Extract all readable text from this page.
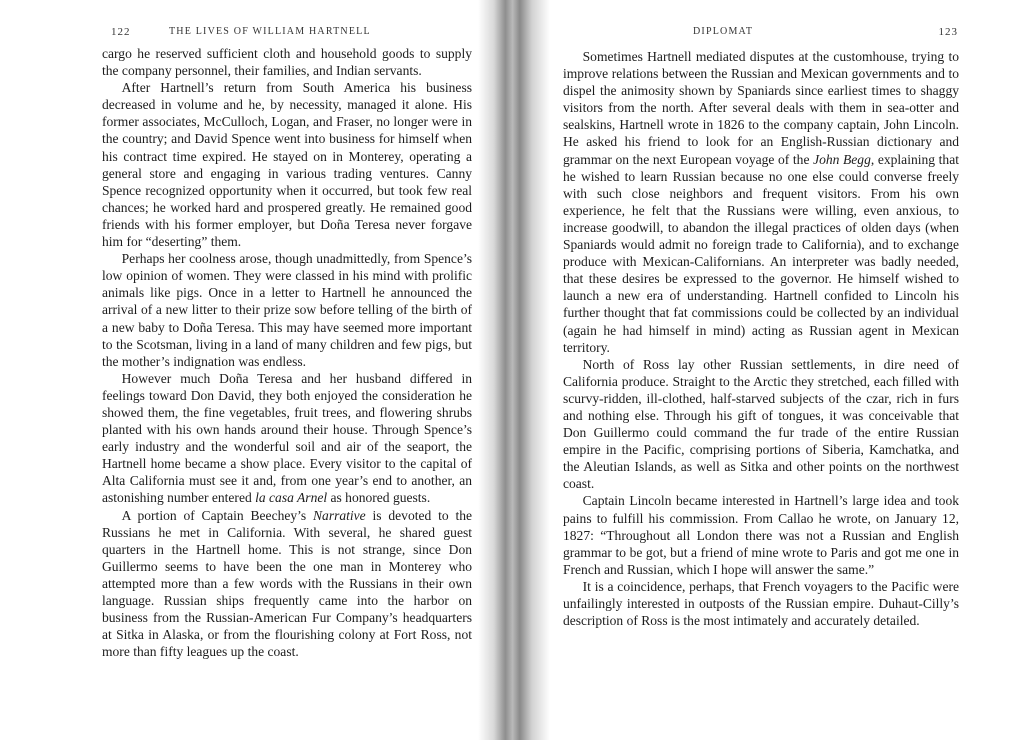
122	THE LIVES OF WILLIAM HARTNELL

cargo he reserved sufficient cloth and household goods to supply the company personnel, their families, and Indian servants.

After Hartnell’s return from South America his business decreased in volume and he, by necessity, managed it alone. His former associates, McCulloch, Logan, and Fraser, no longer were in the country; and David Spence went into business for himself when his contract time expired. He stayed on in Monterey, operating a general store and engaging in various trading ventures. Canny Spence recognized opportunity when it occurred, but took few real chances; he worked hard and prospered greatly. He remained good friends with his former employer, but Doña Teresa never forgave him for “deserting” them.

Perhaps her coolness arose, though unadmittedly, from Spence’s low opinion of women. They were classed in his mind with prolific animals like pigs. Once in a letter to Hartnell he announced the arrival of a new litter to their prize sow before telling of the birth of a new baby to Doña Teresa. This may have seemed more important to the Scotsman, living in a land of many children and few pigs, but the mother’s indignation was endless.

However much Doña Teresa and her husband differed in feelings toward Don David, they both enjoyed the consideration he showed them, the fine vegetables, fruit trees, and flowering shrubs planted with his own hands around their house. Through Spence’s early industry and the wonderful soil and air of the seaport, the Hartnell home became a show place. Every visitor to the capital of Alta California must see it and, from one year’s end to another, an astonishing number entered la casa Arnel as honored guests.

A portion of Captain Beechey’s Narrative is devoted to the Russians he met in California. With several, he shared guest quarters in the Hartnell home. This is not strange, since Don Guillermo seems to have been the one man in Monterey who attempted more than a few words with the Russians in their own language. Russian ships frequently came into the harbor on business from the Russian-American Fur Company’s headquarters at Sitka in Alaska, or from the flourishing colony at Fort Ross, not more than fifty leagues up the coast.

DIPLOMAT	123

Sometimes Hartnell mediated disputes at the customhouse, trying to improve relations between the Russian and Mexican governments and to dispel the animosity shown by Spaniards since earliest times to shaggy visitors from the north. After several deals with them in sea-otter and sealskins, Hartnell wrote in 1826 to the company captain, John Lincoln. He asked his friend to look for an English-Russian dictionary and grammar on the next European voyage of the John Begg, explaining that he wished to learn Russian because no one else could converse freely with such close neighbors and frequent visitors. From his own experience, he felt that the Russians were willing, even anxious, to increase goodwill, to abandon the illegal practices of olden days (when Spaniards would admit no foreign trade to California), and to exchange produce with Mexican-Californians. An interpreter was badly needed, that these desires be expressed to the governor. He himself wished to launch a new era of understanding. Hartnell confided to Lincoln his further thought that fat commissions could be collected by an individual (again he had himself in mind) acting as Russian agent in Mexican territory.

North of Ross lay other Russian settlements, in dire need of California produce. Straight to the Arctic they stretched, each filled with scurvy-ridden, ill-clothed, half-starved subjects of the czar, rich in furs and nothing else. Through his gift of tongues, it was conceivable that Don Guillermo could command the fur trade of the entire Russian empire in the Pacific, comprising portions of Siberia, Kamchatka, and the Aleutian Islands, as well as Sitka and other points on the northwest coast.

Captain Lincoln became interested in Hartnell’s large idea and took pains to fulfill his commission. From Callao he wrote, on January 12, 1827: “Throughout all London there was not a Russian and English grammar to be got, but a friend of mine wrote to Paris and got me one in French and Russian, which I hope will answer the same.”

It is a coincidence, perhaps, that French voyagers to the Pacific were unfailingly interested in outposts of the Russian empire. Duhaut-Cilly’s description of Ross is the most intimately and accurately detailed.
